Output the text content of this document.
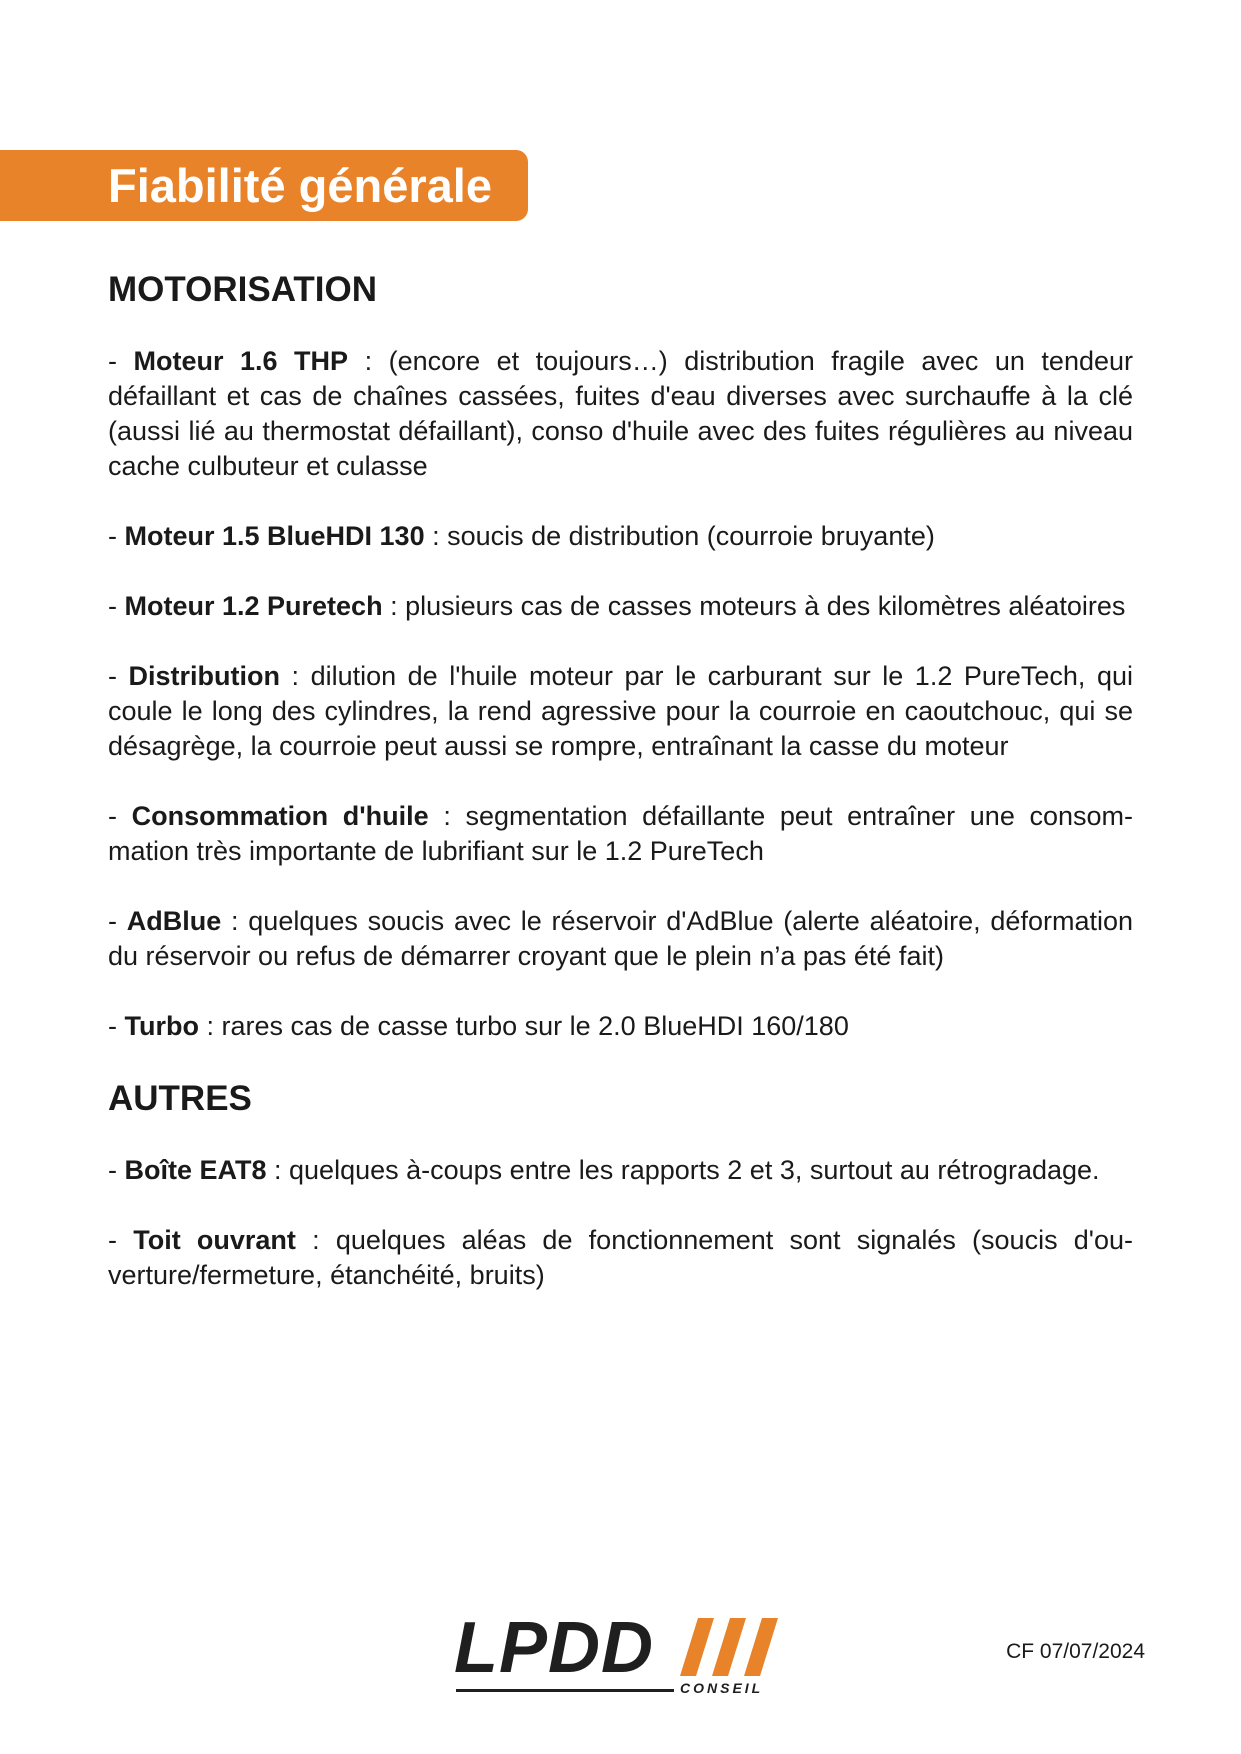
Fiabilité générale
MOTORISATION

- Moteur 1.6 THP : (encore et toujours…) distribution fragile avec un tendeur défaillant et cas de chaînes cassées, fuites d'eau diverses avec surchauffe à la clé (aussi lié au thermostat défaillant), conso d'huile avec des fuites régulières au niveau cache culbuteur et culasse

- Moteur 1.5 BlueHDI 130 : soucis de distribution (courroie bruyante)

- Moteur 1.2 Puretech : plusieurs cas de casses moteurs à des kilomètres aléatoires

- Distribution : dilution de l'huile moteur par le carburant sur le 1.2 PureTech, qui coule le long des cylindres, la rend agressive pour la courroie en caoutchouc, qui se désagrège, la courroie peut aussi se rompre, entraînant la casse du moteur

- Consommation d'huile : segmentation défaillante peut entraîner une consommation très importante de lubrifiant sur le 1.2 PureTech

- AdBlue : quelques soucis avec le réservoir d'AdBlue (alerte aléatoire, déformation du réservoir ou refus de démarrer croyant que le plein n’a pas été fait)

- Turbo : rares cas de casse turbo sur le 2.0 BlueHDI 160/180

AUTRES

- Boîte EAT8 : quelques à-coups entre les rapports 2 et 3, surtout au rétrogradage.

- Toit ouvrant : quelques aléas de fonctionnement sont signalés (soucis d'ouverture/fermeture, étanchéité, bruits)

LPDD CONSEIL
CF 07/07/2024
